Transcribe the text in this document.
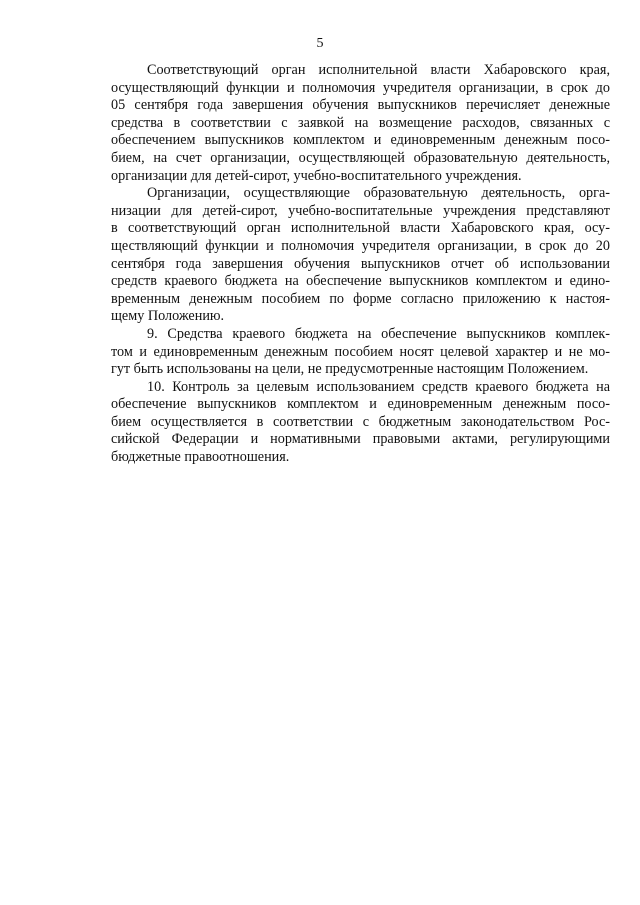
5
Соответствующий орган исполнительной власти Хабаровского края,
осуществляющий функции и полномочия учредителя организации, в срок до
05 сентября года завершения обучения выпускников перечисляет денежные
средства в соответствии с заявкой на возмещение расходов, связанных с
обеспечением выпускников комплектом и единовременным денежным посо-
бием, на счет организации, осуществляющей образовательную деятельность,
организации для детей-сирот, учебно-воспитательного учреждения.
Организации, осуществляющие образовательную деятельность, орга-
низации для детей-сирот, учебно-воспитательные учреждения представляют
в соответствующий орган исполнительной власти Хабаровского края, осу-
ществляющий функции и полномочия учредителя организации, в срок до 20
сентября года завершения обучения выпускников отчет об использовании
средств краевого бюджета на обеспечение выпускников комплектом и едино-
временным денежным пособием по форме согласно приложению к настоя-
щему Положению.
9. Средства краевого бюджета на обеспечение выпускников комплек-
том и единовременным денежным пособием носят целевой характер и не мо-
гут быть использованы на цели, не предусмотренные настоящим Положением.
10. Контроль за целевым использованием средств краевого бюджета на
обеспечение выпускников комплектом и единовременным денежным посо-
бием осуществляется в соответствии с бюджетным законодательством Рос-
сийской Федерации и нормативными правовыми актами, регулирующими
бюджетные правоотношения.
